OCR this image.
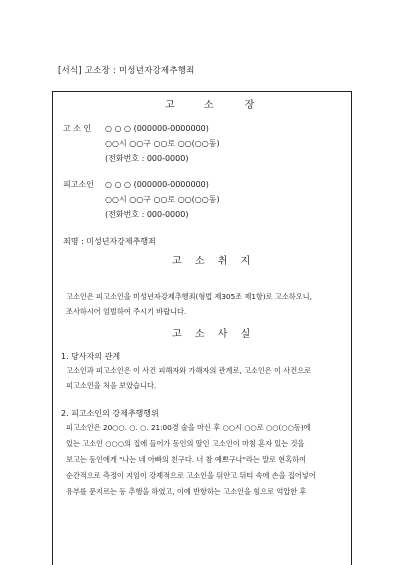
[서식] 고소장 : 미성년자강제추행죄
고	소	장
고 소 인 ○ ○ ○ (000000-0000000)
○○시 ○○구 ○○로 ○○(○○동)
(전화번호 : 000-0000)
피고소인 ○ ○ ○ (000000-0000000)
○○시 ○○구 ○○로 ○○(○○동)
(전화번호 : 000-0000)
죄명 : 미성년자강제추행죄
고 소 취 지
고소인은 피고소인을 미성년자강제추행죄(형법 제305조 제1항)로 고소하오니,
조사하시어 엄벌하여 주시기 바랍니다.
고 소 사 실
1. 당사자의 관계
고소인과 피고소인은 이 사건 피해자와 가해자의 관계로, 고소인은 이 사건으로
피고소인을 처음 보았습니다.
2. 피고소인의 강제추행행위
피고소인은 20○○. ○. ○. 21:00경 술을 마신 후 ○○시 ○○로 ○○(○○동)에
있는 고소인 ○○○의 집에 들어가 동인의 딸인 고소인이 마침 혼자 있는 것을
보고는 동인에게 "나는 네 아빠의 친구다. 너 참 예쁘구나"라는 말로 현혹하여
순간적으로 측정이 지임이 강제적으로 고소인을 뒤안고 뒤티 속에 손을 집어넣어
유부를 문지르는 등 추행을 하였고, 이에 반항하는 고소인을 힘으로 억압한 후
